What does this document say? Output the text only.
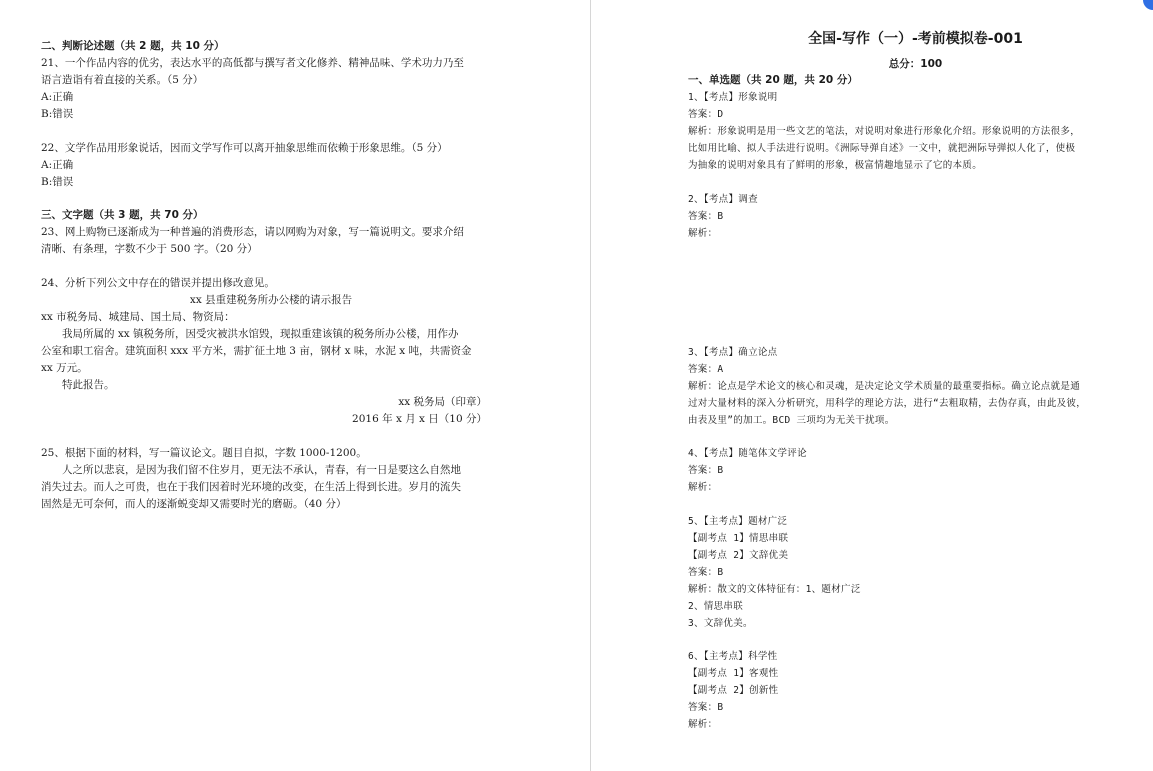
二、判断论述题（共 2 题，共 10 分）
21、一个作品内容的优劣，表达水平的高低都与撰写者文化修养、精神品味、学术功力乃至
语言造诣有着直接的关系。（5 分）
A:正确
B:错误
22、文学作品用形象说话，因而文学写作可以离开抽象思维而依赖于形象思维。（5 分）
A:正确
B:错误
三、文字题（共 3 题，共 70 分）
23、网上购物已逐渐成为一种普遍的消费形态，请以网购为对象，写一篇说明文。要求介绍
清晰、有条理，字数不少于 500 字。（20 分）
24、分析下列公文中存在的错误并提出修改意见。
xx 县重建税务所办公楼的请示报告
xx 市税务局、城建局、国土局、物资局：
我局所属的 xx 镇税务所，因受灾被洪水馆毁，现拟重建该镇的税务所办公楼，用作办
公室和职工宿舍。建筑面积 xxx 平方米，需扩征土地 3 亩，钢材 x 味，水泥 x 吨，共需资金
xx 万元。
特此报告。
xx 税务局（印章）
2016 年 x 月 x 日（10 分）
25、根据下面的材料，写一篇议论文。题目自拟，字数 1000-1200。
人之所以悲哀，是因为我们留不住岁月，更无法不承认，青春，有一日是要这么自然地
消失过去。而人之可贵，也在于我们因着时光环境的改变，在生活上得到长进。岁月的流失
固然是无可奈何，而人的逐渐蜕变却又需要时光的磨砺。（40 分）
全国-写作（一）-考前模拟卷-001
总分：100
一、单选题（共 20 题，共 20 分）
1、【考点】形象说明
答案：D
解析：形象说明是用一些文艺的笔法，对说明对象进行形象化介绍。形象说明的方法很多，
比如用比喻、拟人手法进行说明。《洲际导弹自述》一文中，就把洲际导弹拟人化了，使极
为抽象的说明对象具有了鲜明的形象，极富情趣地显示了它的本质。
2、【考点】调查
答案：B
解析：
3、【考点】确立论点
答案：A
解析：论点是学术论文的核心和灵魂，是决定论文学术质量的最重要指标。确立论点就是通
过对大量材料的深入分析研究，用科学的理论方法，进行“去粗取精，去伪存真，由此及彼，
由表及里”的加工。BCD 三项均为无关干扰项。
4、【考点】随笔体文学评论
答案：B
解析：
5、【主考点】题材广泛
【副考点 1】情思串联
【副考点 2】文辞优美
答案：B
解析：散文的文体特征有：1、题材广泛
2、情思串联
3、文辞优美。
6、【主考点】科学性
【副考点 1】客观性
【副考点 2】创新性
答案：B
解析：
